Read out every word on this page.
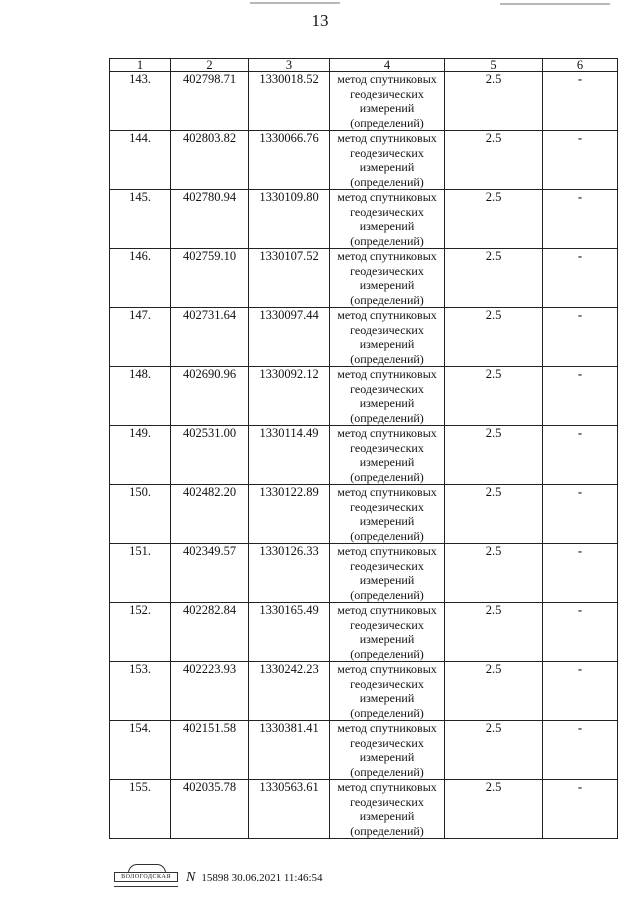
13
1	2	3	4	5	6
143.	402798.71	1330018.52	метод спутниковых
геодезических
измерений
(определений)	2.5	-
144.	402803.82	1330066.76	метод спутниковых
геодезических
измерений
(определений)	2.5	-
145.	402780.94	1330109.80	метод спутниковых
геодезических
измерений
(определений)	2.5	-
146.	402759.10	1330107.52	метод спутниковых
геодезических
измерений
(определений)	2.5	-
147.	402731.64	1330097.44	метод спутниковых
геодезических
измерений
(определений)	2.5	-
148.	402690.96	1330092.12	метод спутниковых
геодезических
измерений
(определений)	2.5	-
149.	402531.00	1330114.49	метод спутниковых
геодезических
измерений
(определений)	2.5	-
150.	402482.20	1330122.89	метод спутниковых
геодезических
измерений
(определений)	2.5	-
151.	402349.57	1330126.33	метод спутниковых
геодезических
измерений
(определений)	2.5	-
152.	402282.84	1330165.49	метод спутниковых
геодезических
измерений
(определений)	2.5	-
153.	402223.93	1330242.23	метод спутниковых
геодезических
измерений
(определений)	2.5	-
154.	402151.58	1330381.41	метод спутниковых
геодезических
измерений
(определений)	2.5	-
155.	402035.78	1330563.61	метод спутниковых
геодезических
измерений
(определений)	2.5	-
ВОЛОГОДСКАЯ	N 15898 30.06.2021 11:46:54
